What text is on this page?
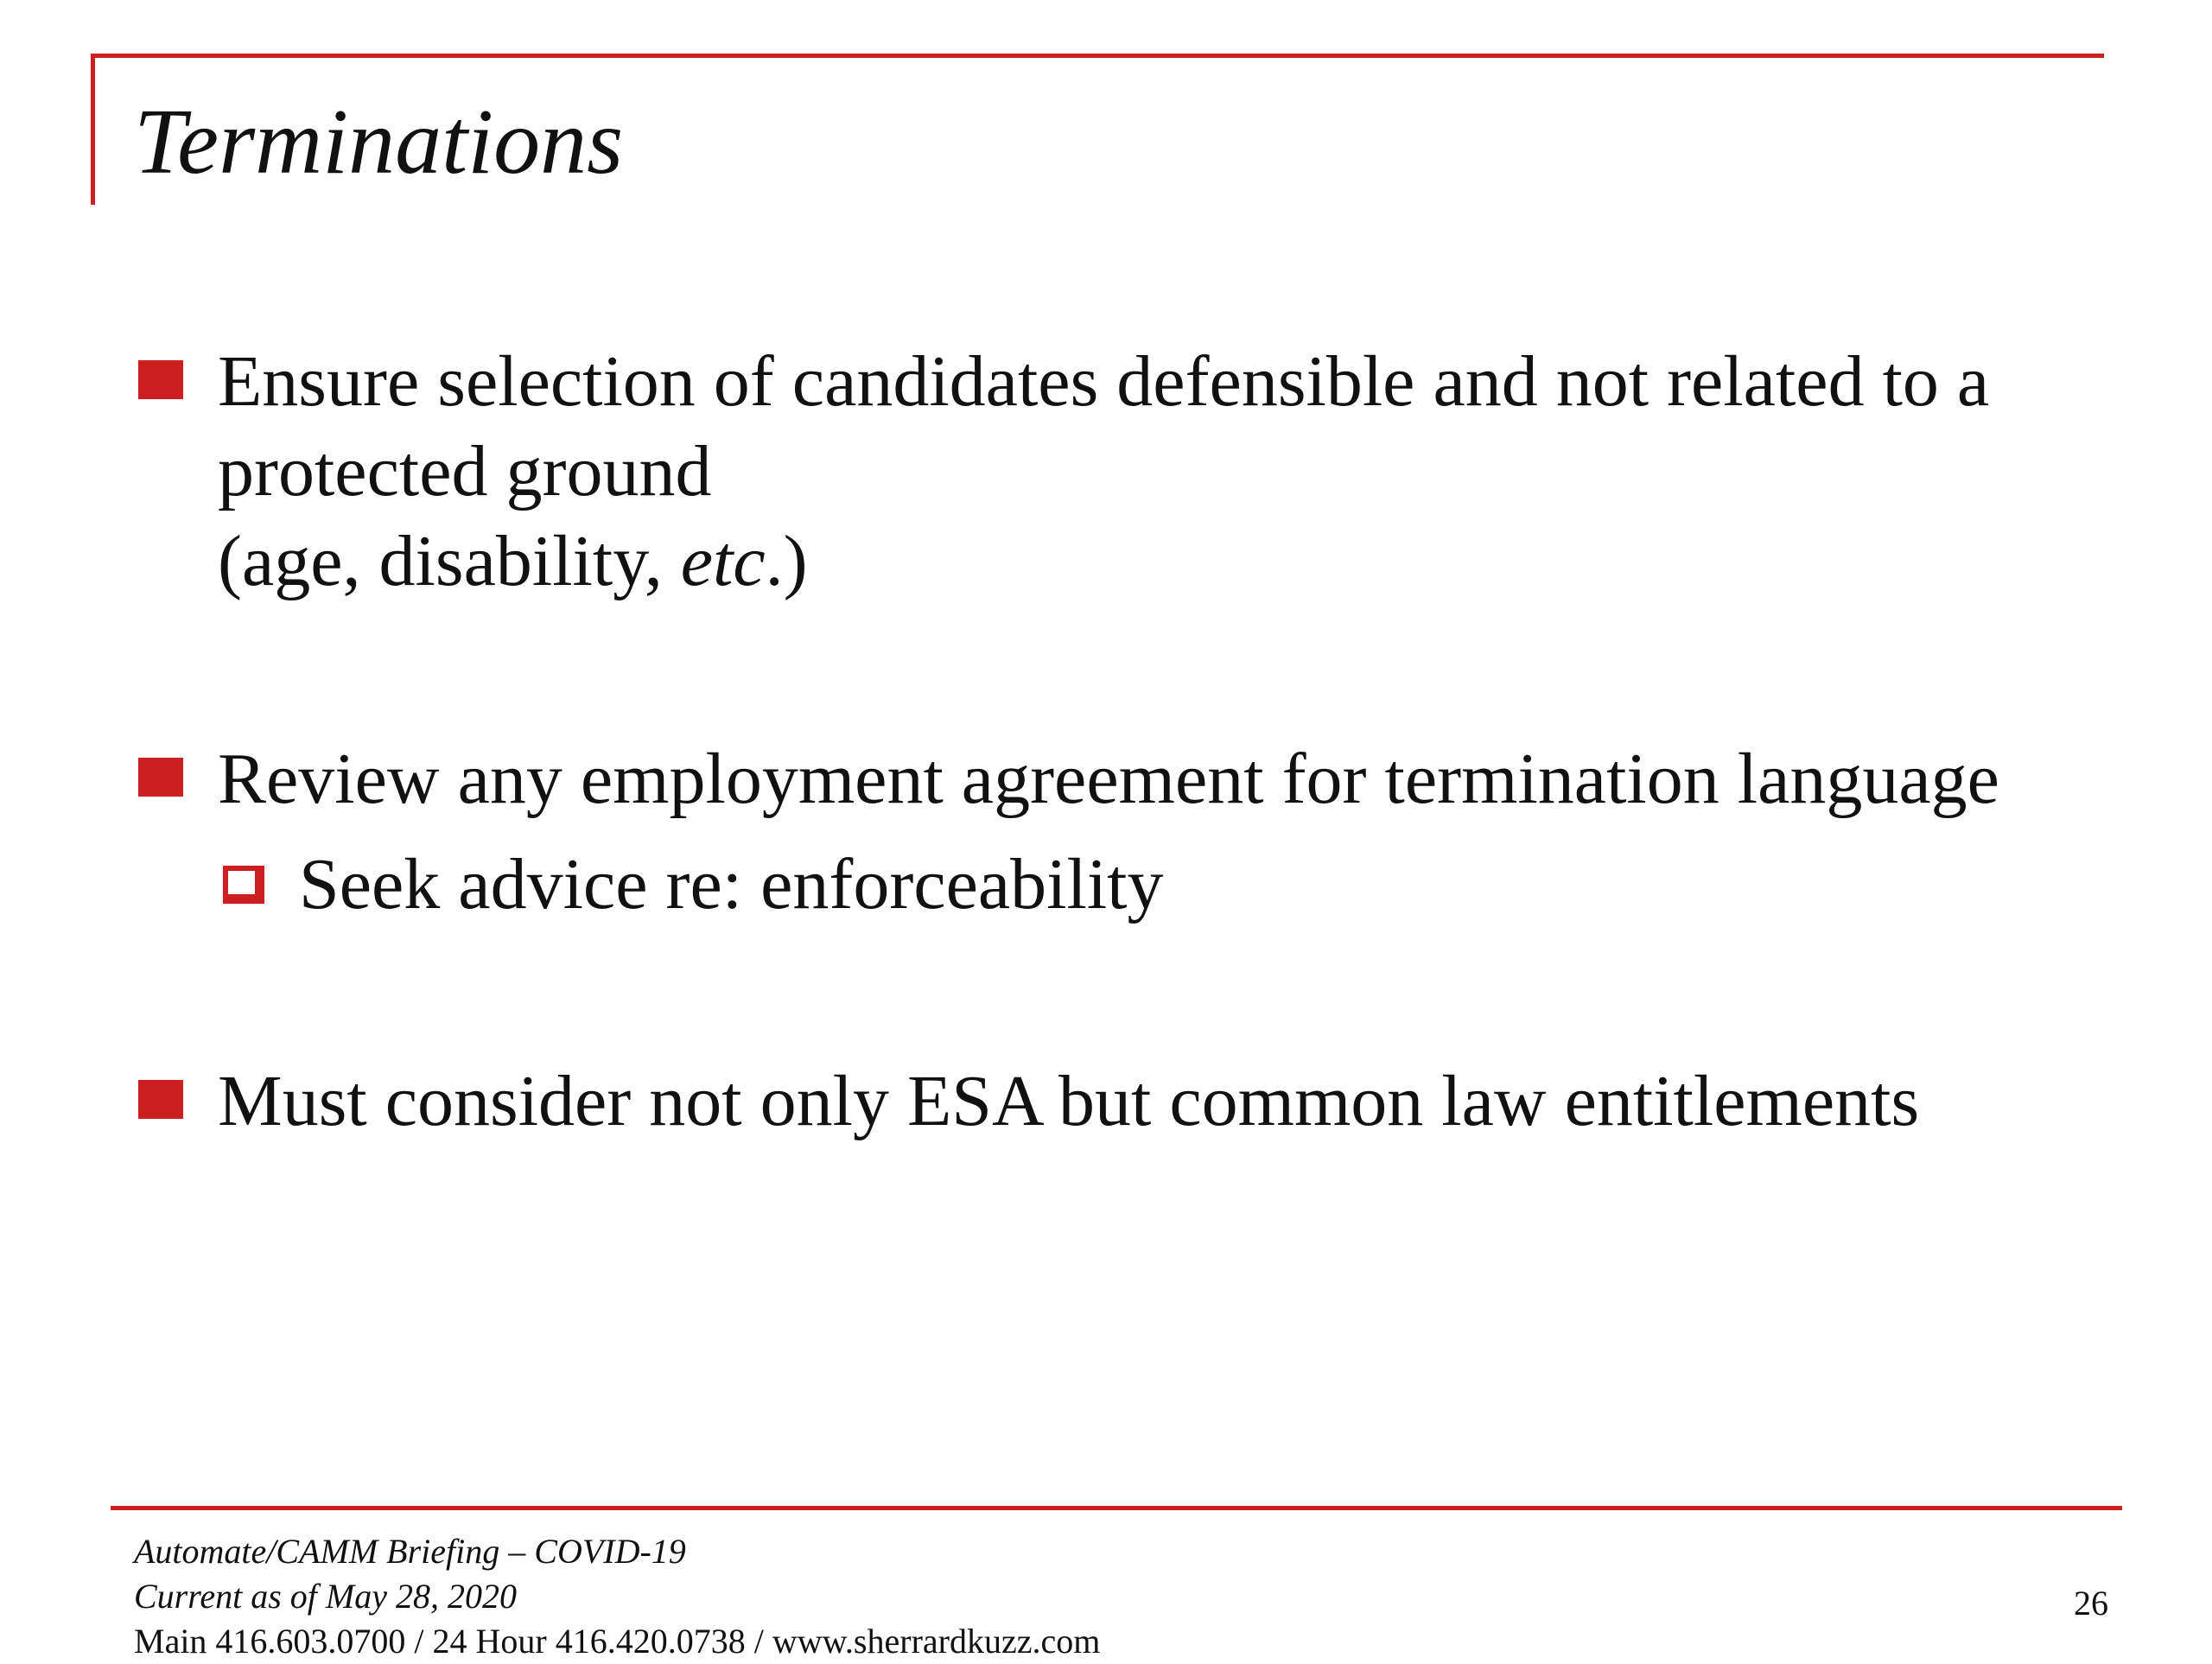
Terminations
Ensure selection of candidates defensible and not related to a
protected ground
(age, disability, etc.)
Review any employment agreement for termination language
Seek advice re: enforceability
Must consider not only ESA but common law entitlements
Automate/CAMM Briefing – COVID-19
Current as of May 28, 2020
Main 416.603.0700 / 24 Hour 416.420.0738 / www.sherrardkuzz.com
26
